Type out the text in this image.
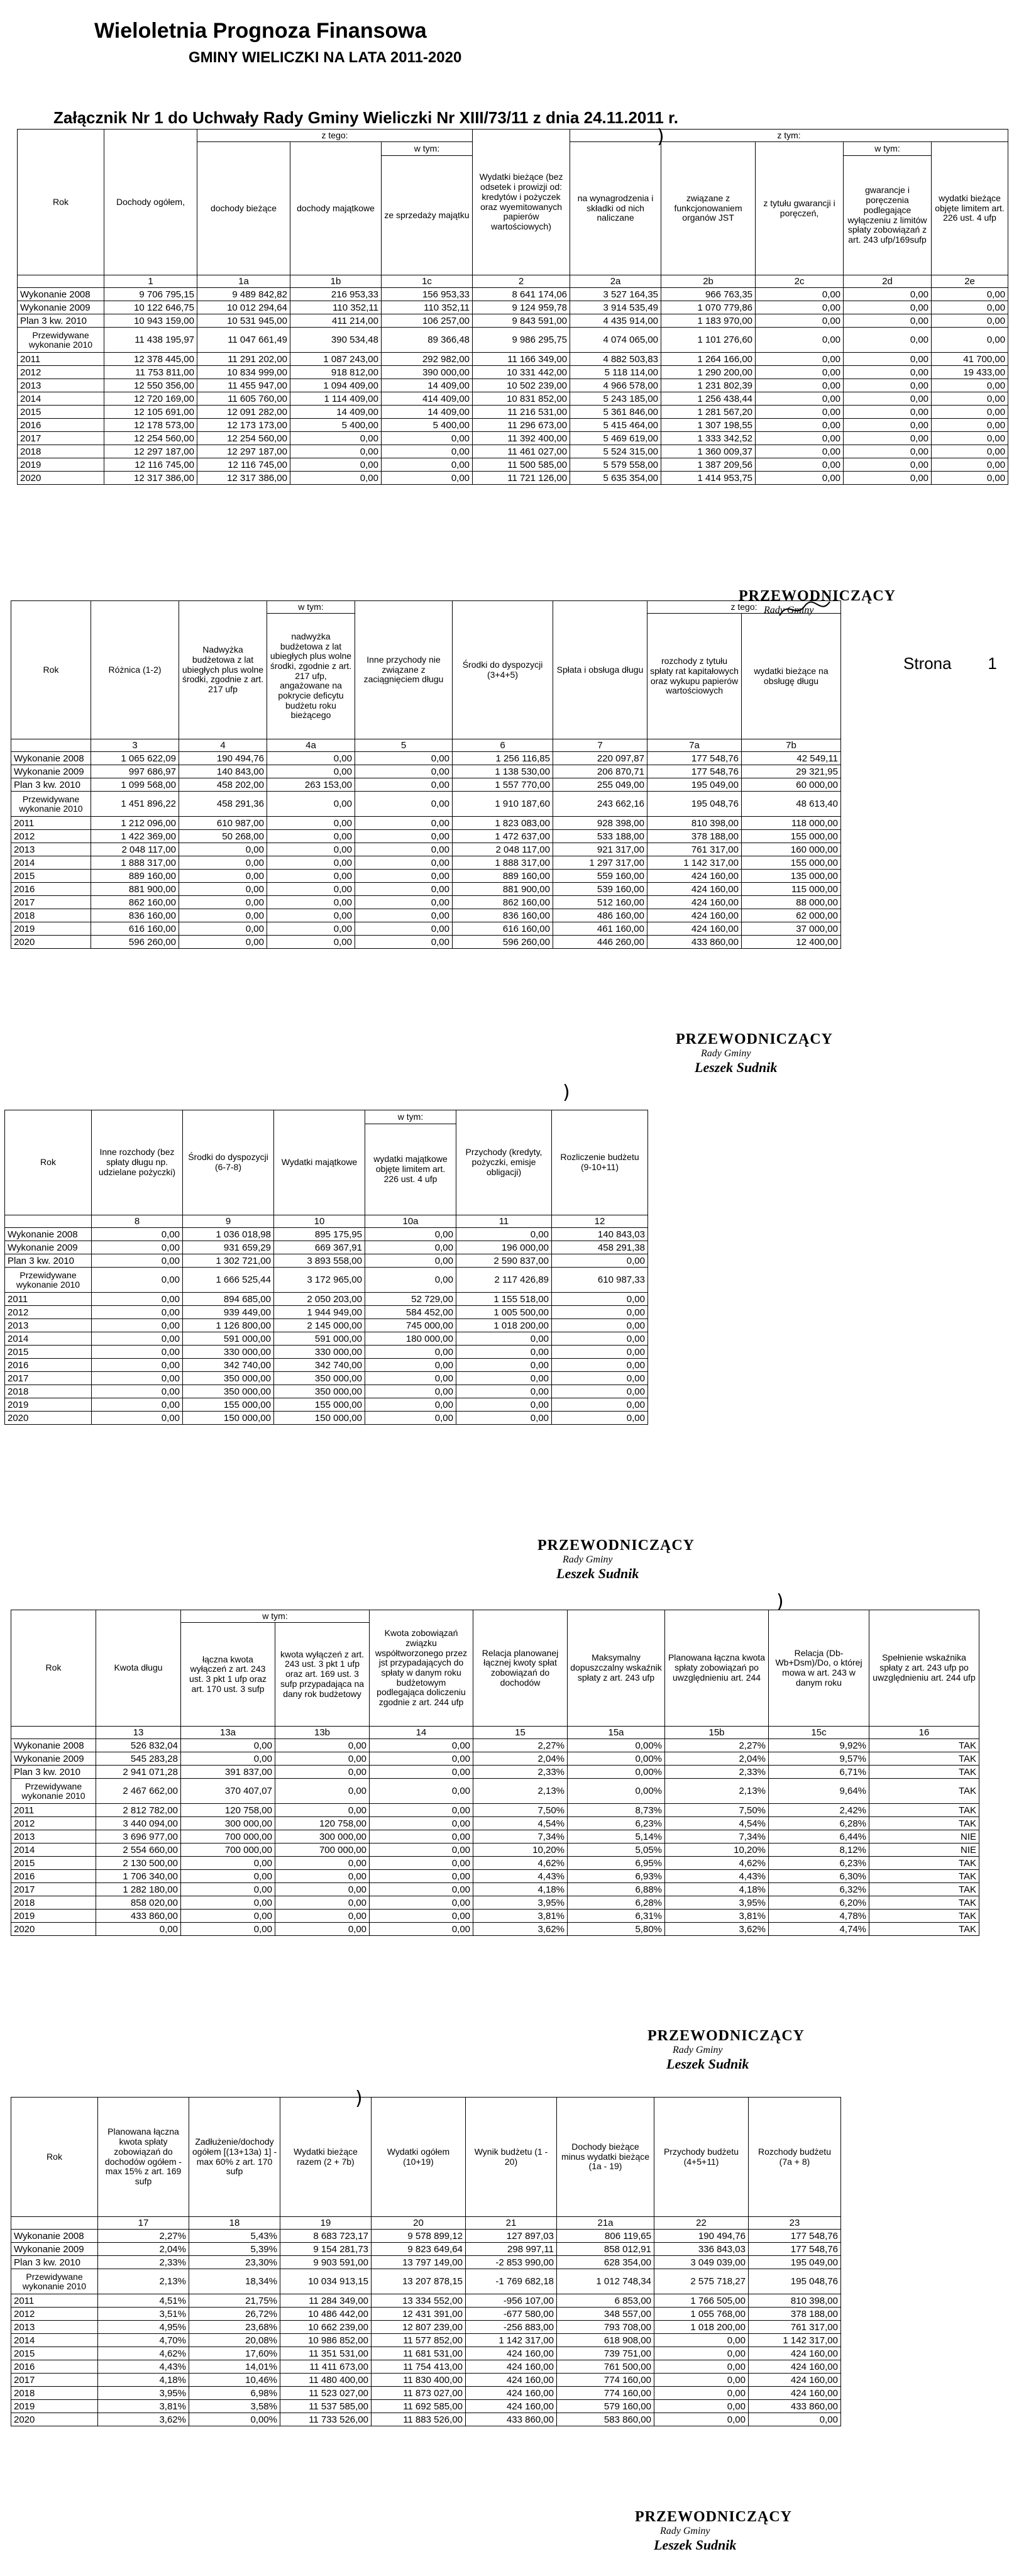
Wieloletnia Prognoza Finansowa
GMINY WIELICZKI NA LATA 2011-2020
Załącznik Nr 1 do Uchwały Rady Gminy Wieliczki Nr XIII/73/11 z dnia 24.11.2011 r.
Rok	Dochody ogółem,	z tego:			Wydatki bieżące (bez odsetek i prowizji od: kredytów i pożyczek oraz wyemitowanych papierów wartościowych)	z tym:				
		dochody bieżące	dochody majątkowe	w tym:		na wynagrodzenia i składki od nich naliczane	związane z funkcjonowaniem organów JST	z tytułu gwarancji i poręczeń,	w tym:	wydatki bieżące objęte limitem art. 226 ust. 4 ufp
				ze sprzedaży majątku					gwarancje i poręczenia podlegające wyłączeniu z limitów spłaty zobowiązań z art. 243 ufp/169sufp	
	1	1a	1b	1c	2	2a	2b	2c	2d	2e
Wykonanie 2008	9 706 795,15	9 489 842,82	216 953,33	156 953,33	8 641 174,06	3 527 164,35	966 763,35	0,00	0,00	0,00
Wykonanie 2009	10 122 646,75	10 012 294,64	110 352,11	110 352,11	9 124 959,78	3 914 535,49	1 070 779,86	0,00	0,00	0,00
Plan 3 kw. 2010	10 943 159,00	10 531 945,00	411 214,00	106 257,00	9 843 591,00	4 435 914,00	1 183 970,00	0,00	0,00	0,00
Przewidywane wykonanie 2010	11 438 195,97	11 047 661,49	390 534,48	89 366,48	9 986 295,75	4 074 065,00	1 101 276,60	0,00	0,00	0,00
2011	12 378 445,00	11 291 202,00	1 087 243,00	292 982,00	11 166 349,00	4 882 503,83	1 264 166,00	0,00	0,00	41 700,00
2012	11 753 811,00	10 834 999,00	918 812,00	390 000,00	10 331 442,00	5 118 114,00	1 290 200,00	0,00	0,00	19 433,00
2013	12 550 356,00	11 455 947,00	1 094 409,00	14 409,00	10 502 239,00	4 966 578,00	1 231 802,39	0,00	0,00	0,00
2014	12 720 169,00	11 605 760,00	1 114 409,00	414 409,00	10 831 852,00	5 243 185,00	1 256 438,44	0,00	0,00	0,00
2015	12 105 691,00	12 091 282,00	14 409,00	14 409,00	11 216 531,00	5 361 846,00	1 281 567,20	0,00	0,00	0,00
2016	12 178 573,00	12 173 173,00	5 400,00	5 400,00	11 296 673,00	5 415 464,00	1 307 198,55	0,00	0,00	0,00
2017	12 254 560,00	12 254 560,00	0,00	0,00	11 392 400,00	5 469 619,00	1 333 342,52	0,00	0,00	0,00
2018	12 297 187,00	12 297 187,00	0,00	0,00	11 461 027,00	5 524 315,00	1 360 009,37	0,00	0,00	0,00
2019	12 116 745,00	12 116 745,00	0,00	0,00	11 500 585,00	5 579 558,00	1 387 209,56	0,00	0,00	0,00
2020	12 317 386,00	12 317 386,00	0,00	0,00	11 721 126,00	5 635 354,00	1 414 953,75	0,00	0,00	0,00
)
PRZEWODNICZĄCY
Rady Gminy
Strona 1
Rok	Różnica (1-2)	Nadwyżka budżetowa z lat ubiegłych plus wolne środki, zgodnie z art. 217 ufp	w tym:	Inne przychody nie związane z zaciągnięciem długu	Środki do dyspozycji (3+4+5)	Spłata i obsługa długu	z tego:	
			nadwyżka budżetowa z lat ubiegłych plus wolne środki, zgodnie z art. 217 ufp, angażowane na pokrycie deficytu budżetu roku bieżącego				rozchody z tytułu spłaty rat kapitałowych oraz wykupu papierów wartościowych	wydatki bieżące na obsługę długu

	3	4	4a	5	6	7	7a	7b
Wykonanie 2008	1 065 622,09	190 494,76	0,00	0,00	1 256 116,85	220 097,87	177 548,76	42 549,11
Wykonanie 2009	997 686,97	140 843,00	0,00	0,00	1 138 530,00	206 870,71	177 548,76	29 321,95
Plan 3 kw. 2010	1 099 568,00	458 202,00	263 153,00	0,00	1 557 770,00	255 049,00	195 049,00	60 000,00
Przewidywane wykonanie 2010	1 451 896,22	458 291,36	0,00	0,00	1 910 187,60	243 662,16	195 048,76	48 613,40
2011	1 212 096,00	610 987,00	0,00	0,00	1 823 083,00	928 398,00	810 398,00	118 000,00
2012	1 422 369,00	50 268,00	0,00	0,00	1 472 637,00	533 188,00	378 188,00	155 000,00
2013	2 048 117,00	0,00	0,00	0,00	2 048 117,00	921 317,00	761 317,00	160 000,00
2014	1 888 317,00	0,00	0,00	0,00	1 888 317,00	1 297 317,00	1 142 317,00	155 000,00
2015	889 160,00	0,00	0,00	0,00	889 160,00	559 160,00	424 160,00	135 000,00
2016	881 900,00	0,00	0,00	0,00	881 900,00	539 160,00	424 160,00	115 000,00
2017	862 160,00	0,00	0,00	0,00	862 160,00	512 160,00	424 160,00	88 000,00
2018	836 160,00	0,00	0,00	0,00	836 160,00	486 160,00	424 160,00	62 000,00
2019	616 160,00	0,00	0,00	0,00	616 160,00	461 160,00	424 160,00	37 000,00
2020	596 260,00	0,00	0,00	0,00	596 260,00	446 260,00	433 860,00	12 400,00
PRZEWODNICZĄCY
Rady Gminy
Leszek Sudnik
)
Rok	Inne rozchody (bez spłaty długu np. udzielane pożyczki)	Środki do dyspozycji (6-7-8)	Wydatki majątkowe	w tym:	Przychody (kredyty, pożyczki, emisje obligacji)	Rozliczenie budżetu (9-10+11)
				wydatki majątkowe objęte limitem art. 226 ust. 4 ufp		
	8	9	10	10a	11	12
Wykonanie 2008	0,00	1 036 018,98	895 175,95	0,00	0,00	140 843,03
Wykonanie 2009	0,00	931 659,29	669 367,91	0,00	196 000,00	458 291,38
Plan 3 kw. 2010	0,00	1 302 721,00	3 893 558,00	0,00	2 590 837,00	0,00
Przewidywane wykonanie 2010	0,00	1 666 525,44	3 172 965,00	0,00	2 117 426,89	610 987,33
2011	0,00	894 685,00	2 050 203,00	52 729,00	1 155 518,00	0,00
2012	0,00	939 449,00	1 944 949,00	584 452,00	1 005 500,00	0,00
2013	0,00	1 126 800,00	2 145 000,00	745 000,00	1 018 200,00	0,00
2014	0,00	591 000,00	591 000,00	180 000,00	0,00	0,00
2015	0,00	330 000,00	330 000,00	0,00	0,00	0,00
2016	0,00	342 740,00	342 740,00	0,00	0,00	0,00
2017	0,00	350 000,00	350 000,00	0,00	0,00	0,00
2018	0,00	350 000,00	350 000,00	0,00	0,00	0,00
2019	0,00	155 000,00	155 000,00	0,00	0,00	0,00
2020	0,00	150 000,00	150 000,00	0,00	0,00	0,00
PRZEWODNICZĄCY
Rady Gminy
Leszek Sudnik
)
Rok	Kwota długu	w tym:		Kwota zobowiązań związku współtworzonego przez jst przypadających do spłaty w danym roku budżetowym podlegająca doliczeniu zgodnie z art. 244 ufp	Relacja planowanej łącznej kwoty spłat zobowiązań do dochodów	Maksymalny dopuszczalny wskaźnik spłaty z art. 243 ufp	Planowana łączna kwota spłaty zobowiązań po uwzględnieniu art. 244	Relacja (Db-Wb+Dsm)/Do, o której mowa w art. 243 w danym roku	Spełnienie wskaźnika spłaty z art. 243 ufp po uwzględnieniu art. 244 ufp
		łączna kwota wyłączeń z art. 243 ust. 3 pkt 1 ufp oraz art. 170 ust. 3 sufp	kwota wyłączeń z art. 243 ust. 3 pkt 1 ufp oraz art. 169 ust. 3 sufp przypadająca na dany rok budżetowy						
	13	13a	13b	14	15	15a	15b	15c	16
Wykonanie 2008	526 832,04	0,00	0,00	0,00	2,27%	0,00%	2,27%	9,92%	TAK
Wykonanie 2009	545 283,28	0,00	0,00	0,00	2,04%	0,00%	2,04%	9,57%	TAK
Plan 3 kw. 2010	2 941 071,28	391 837,00	0,00	0,00	2,33%	0,00%	2,33%	6,71%	TAK
Przewidywane wykonanie 2010	2 467 662,00	370 407,07	0,00	0,00	2,13%	0,00%	2,13%	9,64%	TAK
2011	2 812 782,00	120 758,00	0,00	0,00	7,50%	8,73%	7,50%	2,42%	TAK
2012	3 440 094,00	300 000,00	120 758,00	0,00	4,54%	6,23%	4,54%	6,28%	TAK
2013	3 696 977,00	700 000,00	300 000,00	0,00	7,34%	5,14%	7,34%	6,44%	NIE
2014	2 554 660,00	700 000,00	700 000,00	0,00	10,20%	5,05%	10,20%	8,12%	NIE
2015	2 130 500,00	0,00	0,00	0,00	4,62%	6,95%	4,62%	6,23%	TAK
2016	1 706 340,00	0,00	0,00	0,00	4,43%	6,93%	4,43%	6,30%	TAK
2017	1 282 180,00	0,00	0,00	0,00	4,18%	6,88%	4,18%	6,32%	TAK
2018	858 020,00	0,00	0,00	0,00	3,95%	6,28%	3,95%	6,20%	TAK
2019	433 860,00	0,00	0,00	0,00	3,81%	6,31%	3,81%	4,78%	TAK
2020	0,00	0,00	0,00	0,00	3,62%	5,80%	3,62%	4,74%	TAK
PRZEWODNICZĄCY
Rady Gminy
Leszek Sudnik
)
Rok	Planowana łączna kwota spłaty zobowiązań do dochodów ogółem -max 15% z art. 169 sufp	Zadłużenie/dochody ogółem [(13+13a) 1] - max 60% z art. 170 sufp	Wydatki bieżące razem (2 + 7b)	Wydatki ogółem (10+19)	Wynik budżetu (1 - 20)	Dochody bieżące minus wydatki bieżące (1a - 19)	Przychody budżetu (4+5+11)	Rozchody budżetu (7a + 8)
	17	18	19	20	21	21a	22	23
Wykonanie 2008	2,27%	5,43%	8 683 723,17	9 578 899,12	127 897,03	806 119,65	190 494,76	177 548,76
Wykonanie 2009	2,04%	5,39%	9 154 281,73	9 823 649,64	298 997,11	858 012,91	336 843,03	177 548,76
Plan 3 kw. 2010	2,33%	23,30%	9 903 591,00	13 797 149,00	-2 853 990,00	628 354,00	3 049 039,00	195 049,00
Przewidywane wykonanie 2010	2,13%	18,34%	10 034 913,15	13 207 878,15	-1 769 682,18	1 012 748,34	2 575 718,27	195 048,76
2011	4,51%	21,75%	11 284 349,00	13 334 552,00	-956 107,00	6 853,00	1 766 505,00	810 398,00
2012	3,51%	26,72%	10 486 442,00	12 431 391,00	-677 580,00	348 557,00	1 055 768,00	378 188,00
2013	4,95%	23,68%	10 662 239,00	12 807 239,00	-256 883,00	793 708,00	1 018 200,00	761 317,00
2014	4,70%	20,08%	10 986 852,00	11 577 852,00	1 142 317,00	618 908,00	0,00	1 142 317,00
2015	4,62%	17,60%	11 351 531,00	11 681 531,00	424 160,00	739 751,00	0,00	424 160,00
2016	4,43%	14,01%	11 411 673,00	11 754 413,00	424 160,00	761 500,00	0,00	424 160,00
2017	4,18%	10,46%	11 480 400,00	11 830 400,00	424 160,00	774 160,00	0,00	424 160,00
2018	3,95%	6,98%	11 523 027,00	11 873 027,00	424 160,00	774 160,00	0,00	424 160,00
2019	3,81%	3,58%	11 537 585,00	11 692 585,00	424 160,00	579 160,00	0,00	433 860,00
2020	3,62%	0,00%	11 733 526,00	11 883 526,00	433 860,00	583 860,00	0,00	0,00
PRZEWODNICZĄCY
Rady Gminy
Leszek Sudnik
